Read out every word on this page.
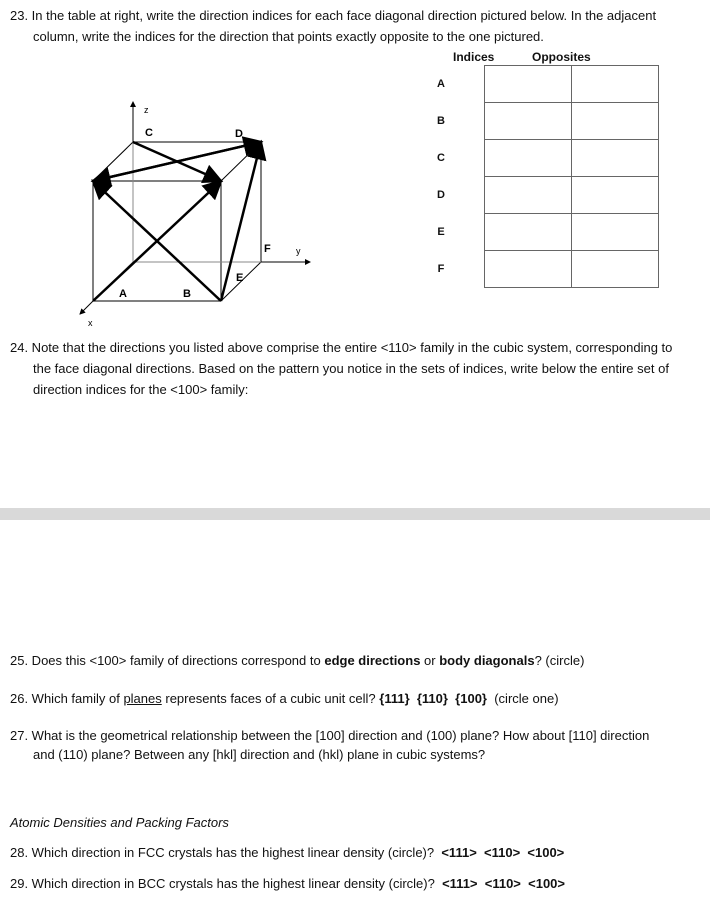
23. In the table at right, write the direction indices for each face diagonal direction pictured below. In the adjacent
column, write the indices for the direction that points exactly opposite to the one pictured.
Indices	Opposites
A		
B		
C		
D		
E		
F		
z
y
x
A	B
C	D
E
F
24. Note that the directions you listed above comprise the entire <110> family in the cubic system, corresponding to
the face diagonal directions. Based on the pattern you notice in the sets of indices, write below the entire set of
direction indices for the <100> family:
25. Does this <100> family of directions correspond to edge directions or body diagonals? (circle)
26. Which family of planes represents faces of a cubic unit cell? {111}  {110}  {100}  (circle one)
27. What is the geometrical relationship between the [100] direction and (100) plane? How about [110] direction
and (110) plane? Between any [hkl] direction and (hkl) plane in cubic systems?
Atomic Densities and Packing Factors
28. Which direction in FCC crystals has the highest linear density (circle)?  <111>  <110>  <100>
29. Which direction in BCC crystals has the highest linear density (circle)?  <111>  <110>  <100>
